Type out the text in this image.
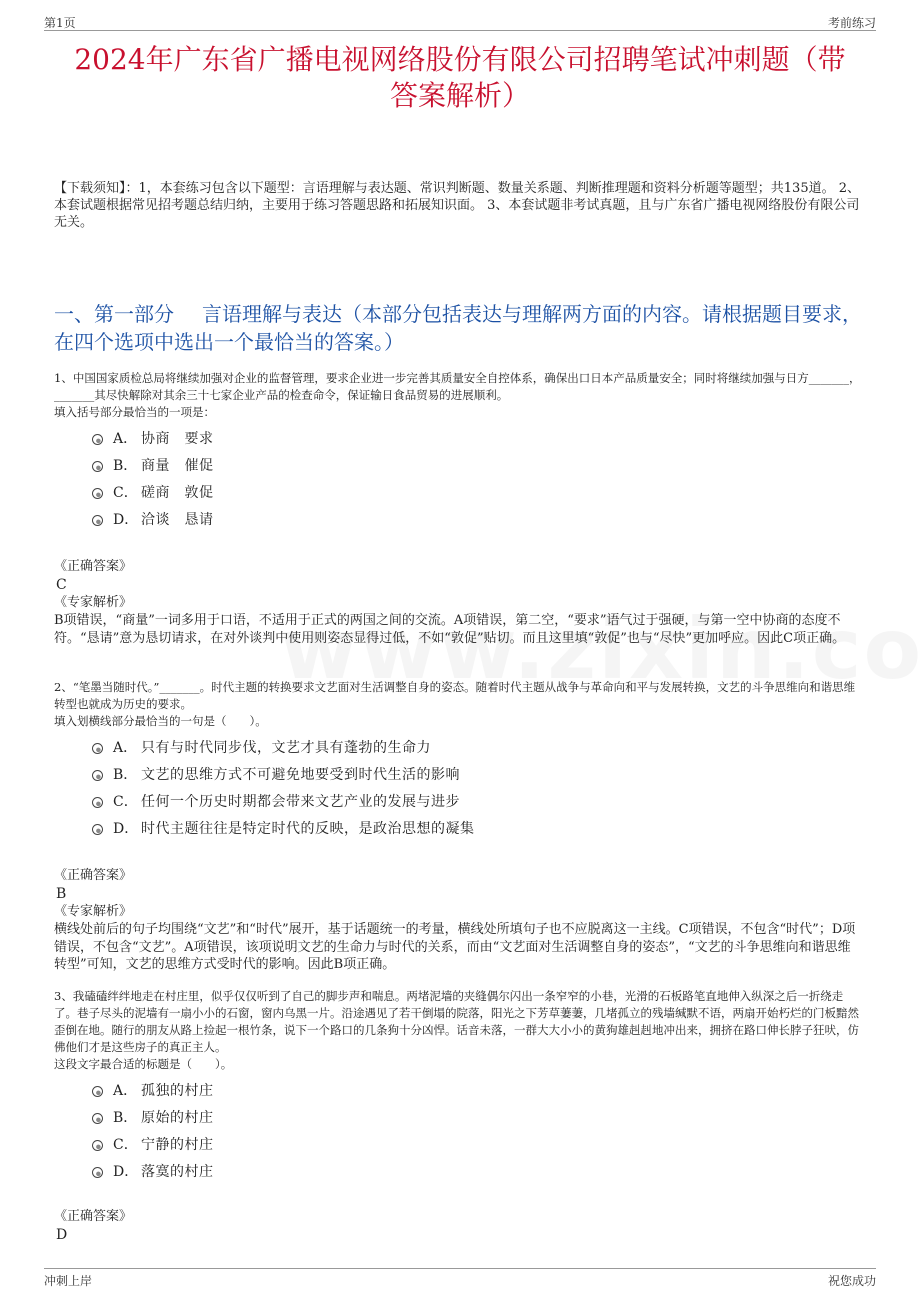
第1页	考前练习
2024年广东省广播电视网络股份有限公司招聘笔试冲刺题（带
答案解析）
【下载须知】：1，本套练习包含以下题型：言语理解与表达题、常识判断题、数量关系题、判断推理题和资料分析题等题型；共135道。 2、本套试题根据常见招考题总结归纳，主要用于练习答题思路和拓展知识面。 3、本套试题非考试真题，且与广东省广播电视网络股份有限公司无关。
一、第一部分 言语理解与表达（本部分包括表达与理解两方面的内容。请根据题目要求，在四个选项中选出一个最恰当的答案。）
1、中国国家质检总局将继续加强对企业的监督管理，要求企业进一步完善其质量安全自控体系，确保出口日本产品质量安全；同时将继续加强与日方_______，_______其尽快解除对其余三十七家企业产品的检查命令，保证输日食品贸易的进展顺利。
填入括号部分最恰当的一项是：
A． 协商　要求
B． 商量　催促
C． 磋商　敦促
D． 洽谈　恳请
《正确答案》
C
《专家解析》
B项错误，“商量”一词多用于口语，不适用于正式的两国之间的交流。A项错误，第二空，“要求”语气过于强硬，与第一空中协商的态度不符。“恳请”意为恳切请求，在对外谈判中使用则姿态显得过低，不如“敦促”贴切。而且这里填“敦促”也与“尽快”更加呼应。因此C项正确。
2、“笔墨当随时代。”_______。时代主题的转换要求文艺面对生活调整自身的姿态。随着时代主题从战争与革命向和平与发展转换，文艺的斗争思维向和谐思维转型也就成为历史的要求。
填入划横线部分最恰当的一句是（　　）。
A． 只有与时代同步伐，文艺才具有蓬勃的生命力
B． 文艺的思维方式不可避免地要受到时代生活的影响
C． 任何一个历史时期都会带来文艺产业的发展与进步
D． 时代主题往往是特定时代的反映，是政治思想的凝集
《正确答案》
B
《专家解析》
横线处前后的句子均围绕“文艺”和“时代”展开，基于话题统一的考量，横线处所填句子也不应脱离这一主线。C项错误，不包含“时代”；D项错误，不包含“文艺”。A项错误，该项说明文艺的生命力与时代的关系，而由“文艺面对生活调整自身的姿态”，“文艺的斗争思维向和谐思维转型”可知，文艺的思维方式受时代的影响。因此B项正确。
3、我磕磕绊绊地走在村庄里，似乎仅仅听到了自己的脚步声和喘息。两堵泥墙的夹缝偶尔闪出一条窄窄的小巷，光滑的石板路笔直地伸入纵深之后一折绕走了。巷子尽头的泥墙有一扇小小的石窗，窗内乌黑一片。沿途遇见了若干倒塌的院落，阳光之下芳草萋萋，几堵孤立的残墙缄默不语，两扇开始朽烂的门板黯然歪倒在地。随行的朋友从路上捡起一根竹条，说下一个路口的几条狗十分凶悍。话音未落，一群大大小小的黄狗雄赳赳地冲出来，拥挤在路口伸长脖子狂吠，仿佛他们才是这些房子的真正主人。
这段文字最合适的标题是（　　）。
A． 孤独的村庄
B． 原始的村庄
C． 宁静的村庄
D． 落寞的村庄
《正确答案》
D
冲刺上岸	祝您成功
